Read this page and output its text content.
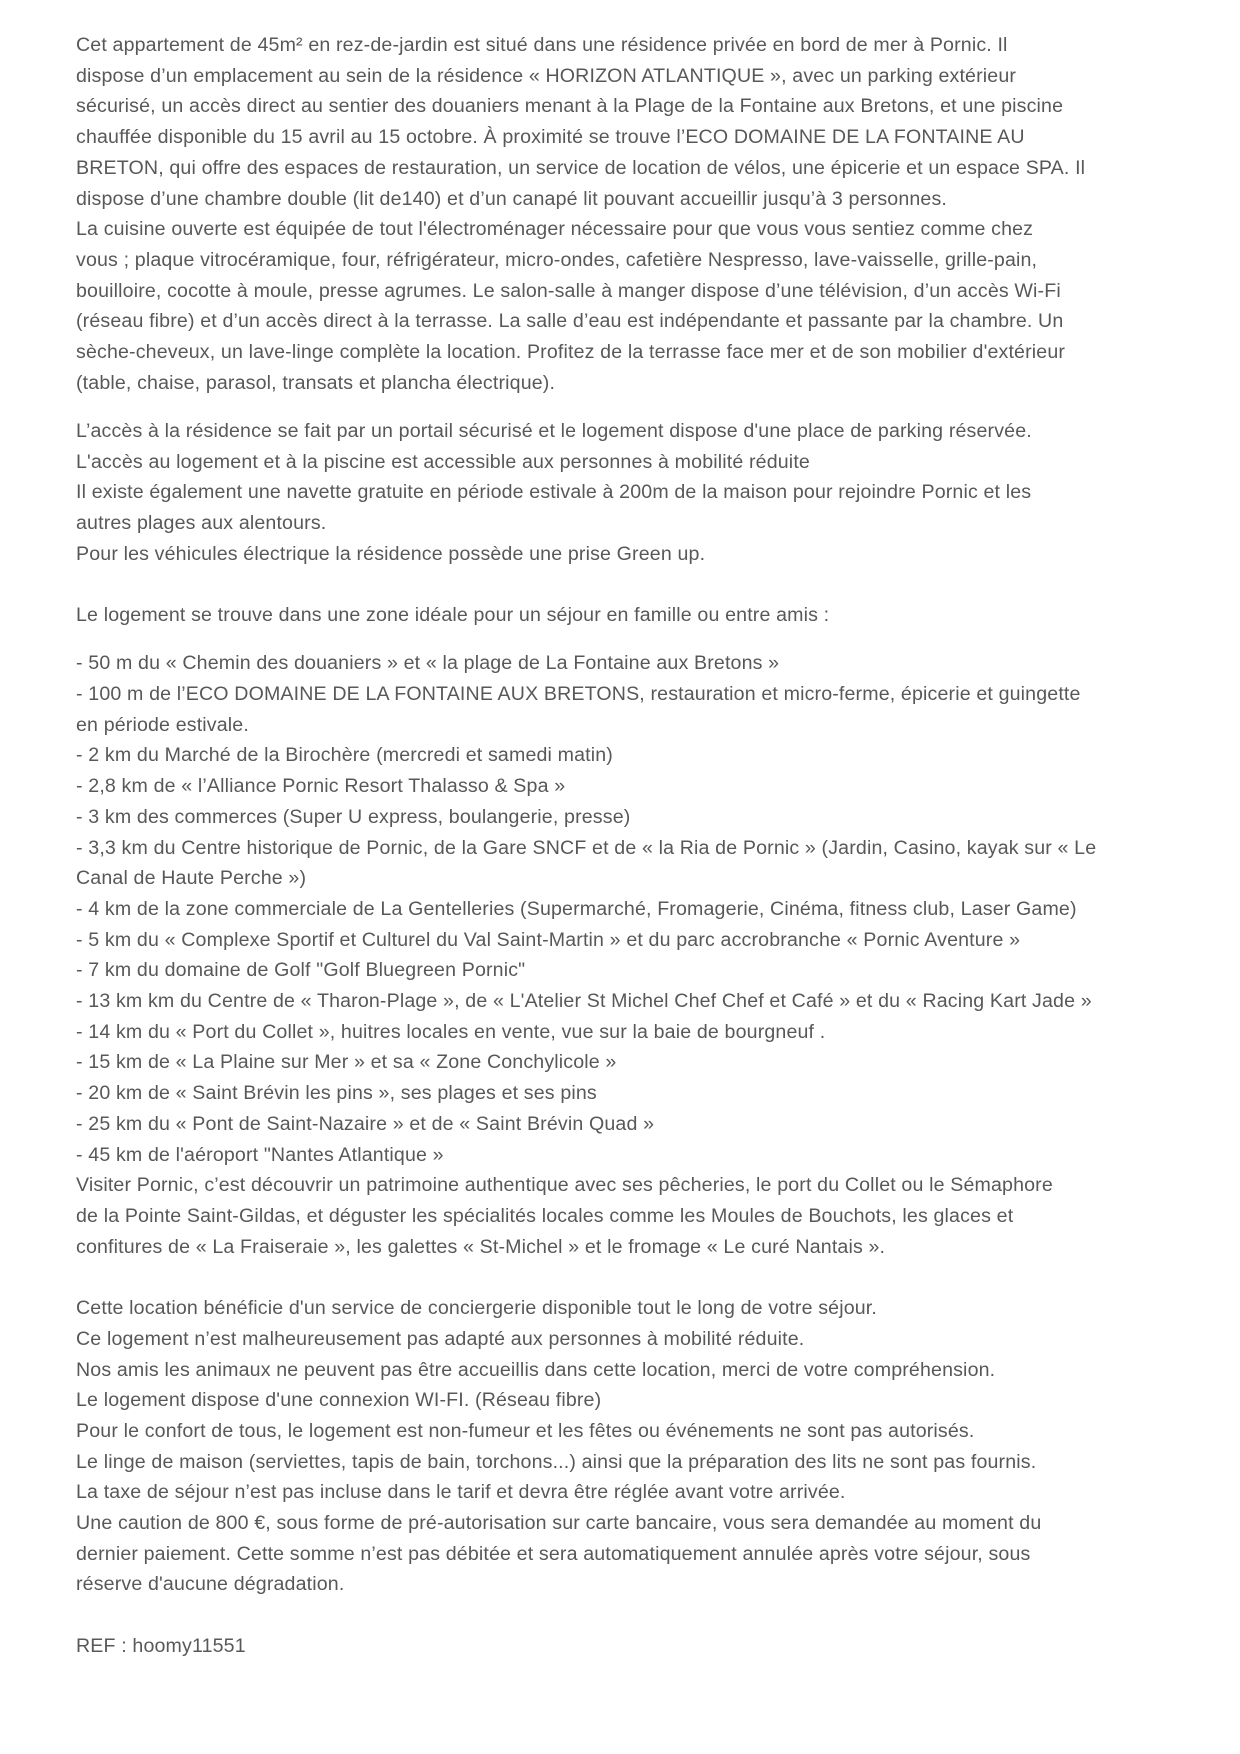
Cet appartement de 45m² en rez-de-jardin est situé dans une résidence privée en bord de mer à Pornic. Il
dispose d’un emplacement au sein de la résidence « HORIZON ATLANTIQUE », avec un parking extérieur
sécurisé, un accès direct au sentier des douaniers menant à la Plage de la Fontaine aux Bretons, et une piscine
chauffée disponible du 15 avril au 15 octobre. À proximité se trouve l’ECO DOMAINE DE LA FONTAINE AU
BRETON, qui offre des espaces de restauration, un service de location de vélos, une épicerie et un espace SPA. Il
dispose d’une chambre double (lit de140) et d’un canapé lit pouvant accueillir jusqu’à 3 personnes.
La cuisine ouverte est équipée de tout l'électroménager nécessaire pour que vous vous sentiez comme chez
vous ; plaque vitrocéramique, four, réfrigérateur, micro-ondes, cafetière Nespresso, lave-vaisselle, grille-pain,
bouilloire, cocotte à moule, presse agrumes. Le salon-salle à manger dispose d’une télévision, d’un accès Wi-Fi
(réseau fibre) et d’un accès direct à la terrasse. La salle d’eau est indépendante et passante par la chambre. Un
sèche-cheveux, un lave-linge complète la location. Profitez de la terrasse face mer et de son mobilier d'extérieur
(table, chaise, parasol, transats et plancha électrique).

L’accès à la résidence se fait par un portail sécurisé et le logement dispose d'une place de parking réservée.
L'accès au logement et à la piscine est accessible aux personnes à mobilité réduite
Il existe également une navette gratuite en période estivale à 200m de la maison pour rejoindre Pornic et les
autres plages aux alentours.
Pour les véhicules électrique la résidence possède une prise Green up.
Le logement se trouve dans une zone idéale pour un séjour en famille ou entre amis :

- 50 m du « Chemin des douaniers » et « la plage de La Fontaine aux Bretons »
- 100 m de l’ECO DOMAINE DE LA FONTAINE AUX BRETONS, restauration et micro-ferme, épicerie et guingette
en période estivale.
- 2 km du Marché de la Birochère (mercredi et samedi matin)
- 2,8 km de « l’Alliance Pornic Resort Thalasso & Spa »
- 3 km des commerces (Super U express, boulangerie, presse)
- 3,3 km du Centre historique de Pornic, de la Gare SNCF et de « la Ria de Pornic » (Jardin, Casino, kayak sur « Le
Canal de Haute Perche »)
- 4 km de la zone commerciale de La Gentelleries (Supermarché, Fromagerie, Cinéma, fitness club, Laser Game)
- 5 km du « Complexe Sportif et Culturel du Val Saint-Martin » et du parc accrobranche « Pornic Aventure »
- 7 km du domaine de Golf "Golf Bluegreen Pornic"
- 13 km km du Centre de « Tharon-Plage », de « L'Atelier St Michel Chef Chef et Café » et du « Racing Kart Jade »
- 14 km du « Port du Collet », huitres locales en vente, vue sur la baie de bourgneuf .
- 15 km de « La Plaine sur Mer » et sa « Zone Conchylicole »
- 20 km de « Saint Brévin les pins », ses plages et ses pins
- 25 km du « Pont de Saint-Nazaire » et de « Saint Brévin Quad »
- 45 km de l'aéroport "Nantes Atlantique »
Visiter Pornic, c’est découvrir un patrimoine authentique avec ses pêcheries, le port du Collet ou le Sémaphore
de la Pointe Saint-Gildas, et déguster les spécialités locales comme les Moules de Bouchots, les glaces et
confitures de « La Fraiseraie », les galettes « St-Michel » et le fromage « Le curé Nantais ».
Cette location bénéficie d'un service de conciergerie disponible tout le long de votre séjour.
Ce logement n’est malheureusement pas adapté aux personnes à mobilité réduite.
Nos amis les animaux ne peuvent pas être accueillis dans cette location, merci de votre compréhension.
Le logement dispose d'une connexion WI-FI. (Réseau fibre)
Pour le confort de tous, le logement est non-fumeur et les fêtes ou événements ne sont pas autorisés.
Le linge de maison (serviettes, tapis de bain, torchons...) ainsi que la préparation des lits ne sont pas fournis.
La taxe de séjour n’est pas incluse dans le tarif et devra être réglée avant votre arrivée.
Une caution de 800 €, sous forme de pré-autorisation sur carte bancaire, vous sera demandée au moment du
dernier paiement. Cette somme n’est pas débitée et sera automatiquement annulée après votre séjour, sous
réserve d'aucune dégradation.
REF : hoomy11551
